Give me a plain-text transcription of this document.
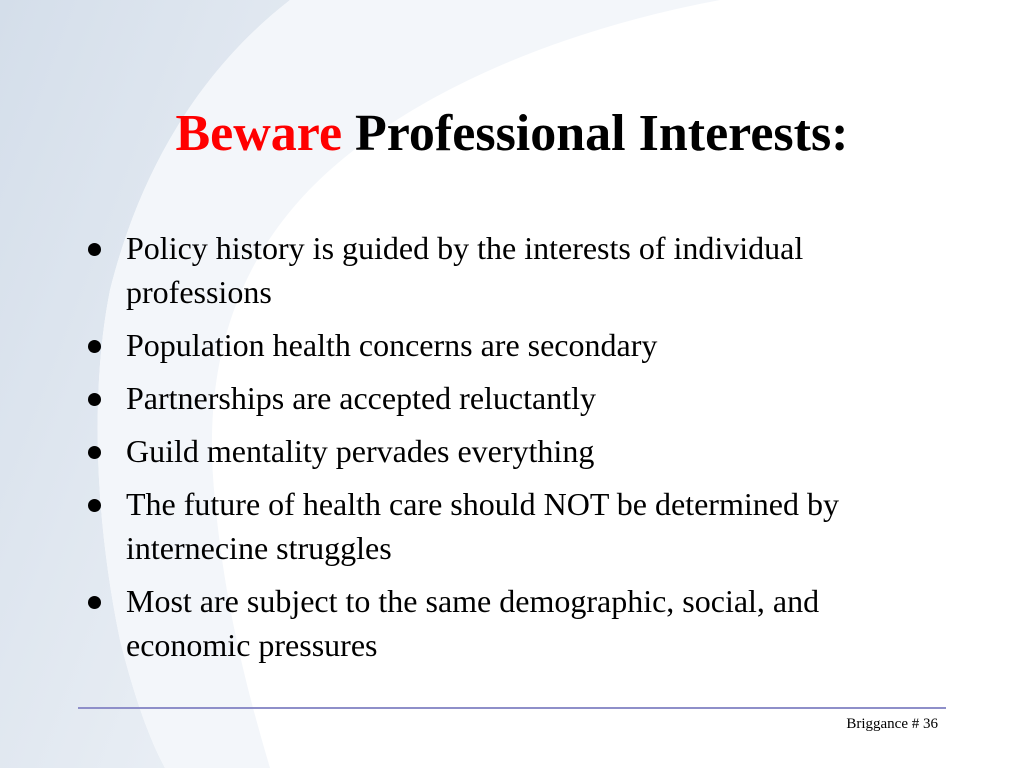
Beware Professional Interests:
Policy history is guided by the interests of individual professions
Population health concerns are secondary
Partnerships are accepted reluctantly
Guild mentality pervades everything
The future of health care should NOT be determined by internecine struggles
Most are subject to the same demographic, social, and economic pressures
Briggance # 36
